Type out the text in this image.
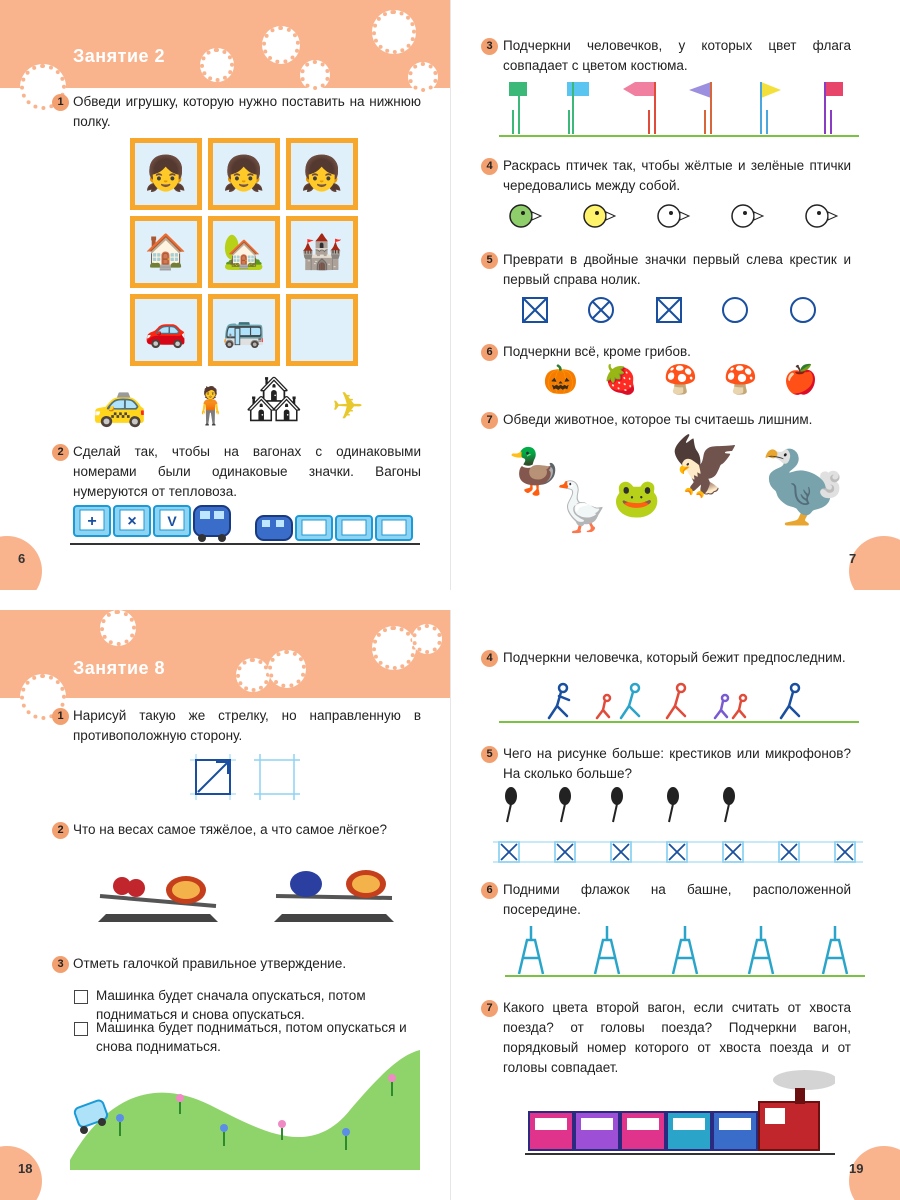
Занятие 2
1 Обведи игрушку, которую нужно поставить на нижнюю полку.
👧 👧 👧
🏠 🏡 🏰
🚗 🚌
🚕 🧍 🏘 ✈
2 Сделай так, чтобы на вагонах с одинаковыми номерами были одинаковые значки. Вагоны нумеруются от тепловоза.
+ × V
6
3 Подчеркни человечков, у которых цвет флага совпадает с цветом костюма.
4 Раскрась птичек так, чтобы жёлтые и зелёные птички чередовались между собой.
5 Преврати в двойные значки первый слева крестик и первый справа нолик.
6 Подчеркни всё, кроме грибов.
🎃 🍓 🍄 🍄 🍎
7 Обведи животное, которое ты считаешь лишним.
🦆
🪿 🐸 🦅 🦤
7
Занятие 8
1 Нарисуй такую же стрелку, но направленную в противоположную сторону.
2 Что на весах самое тяжёлое, а что самое лёгкое?
3 Отметь галочкой правильное утверждение.
Машинка будет сначала опускаться, потом подниматься и снова опускаться.
Машинка будет подниматься, потом опускаться и снова подниматься.
18
4 Подчеркни человечка, который бежит предпоследним.
5 Чего на рисунке больше: крестиков или микрофонов? На сколько больше?
6 Подними флажок на башне, расположенной посередине.
7 Какого цвета второй вагон, если считать от хвоста поезда? от головы поезда? Подчеркни вагон, порядковый номер которого от хвоста поезда и от головы совпадает.
19
